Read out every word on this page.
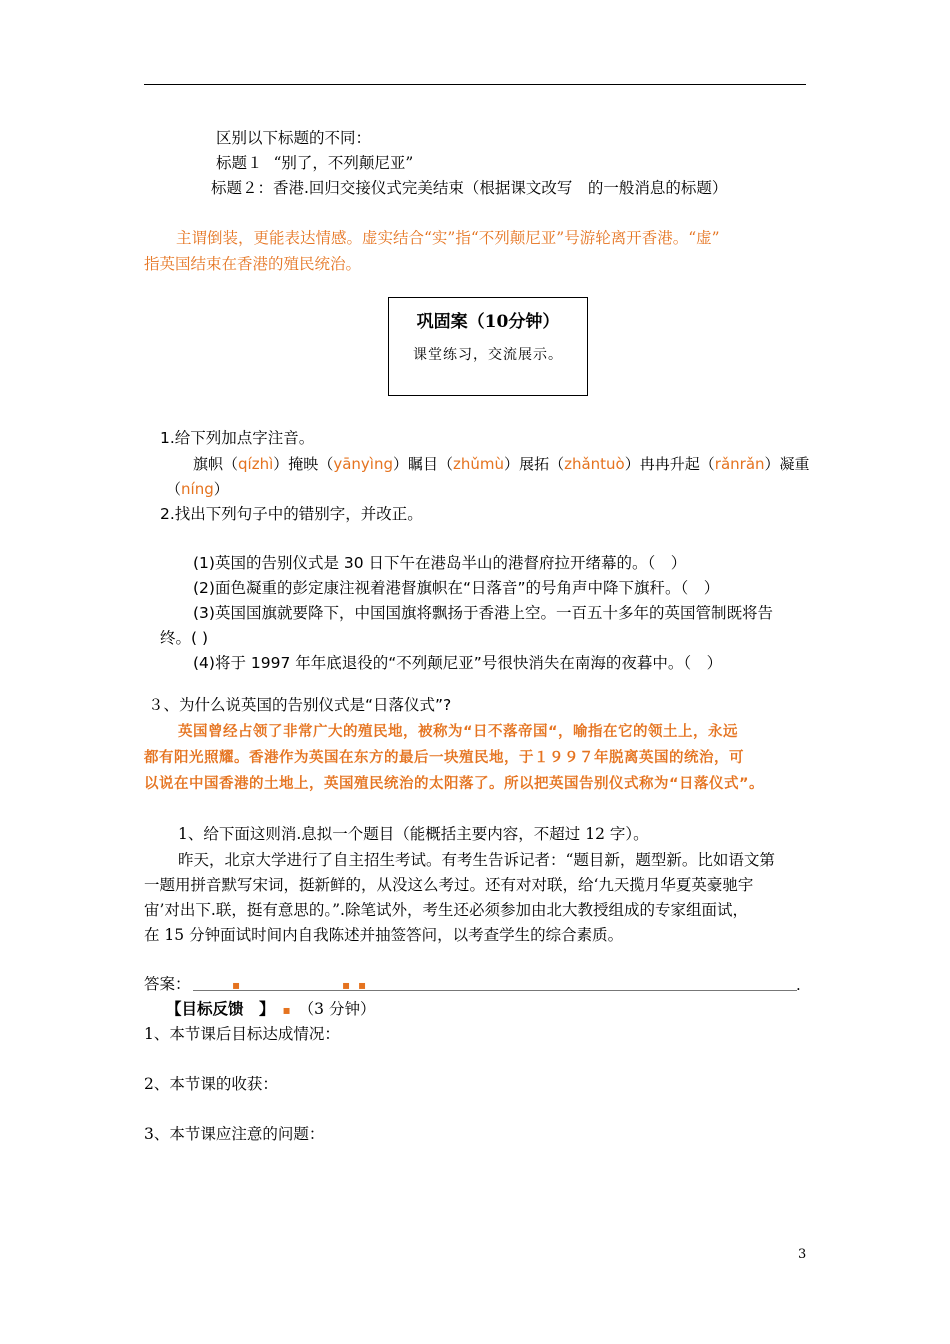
区别以下标题的不同：
标题１ “别了，不列颠尼亚”
标题２：香港.回归交接仪式完美结束（根据课文改写　的一般消息的标题）
主谓倒装，更能表达情感。虚实结合“实”指“不列颠尼亚”号游轮离开香港。“虚”
指英国结束在香港的殖民统治。
巩固案（10分钟）
课堂练习，交流展示。
1.给下列加点字注音。
旗帜（qízhì）掩映（yānyìng）瞩目（zhǔmù）展拓（zhǎntuò）冉冉升起（rǎnrǎn）凝重
（níng）
2.找出下列句子中的错别字，并改正。
(1)英国的告别仪式是 30 日下午在港岛半山的港督府拉开绪幕的。（　）
(2)面色凝重的彭定康注视着港督旗帜在“日落音”的号角声中降下旗秆。（　）
(3)英国国旗就要降下，中国国旗将飘扬于香港上空。一百五十多年的英国管制既将告
终。( )
(4)将于 1997 年年底退役的“不列颠尼亚”号很快消失在南海的夜暮中。（　）
３、为什么说英国的告别仪式是“日落仪式”?
英国曾经占领了非常广大的殖民地，被称为“日不落帝国“，喻指在它的领土上，永远
都有阳光照耀。香港作为英国在东方的最后一块殖民地，于１９９７年脱离英国的统治，可
以说在中国香港的土地上，英国殖民统治的太阳落了。所以把英国告别仪式称为“日落仪式”。
1、给下面这则消.息拟一个题目（能概括主要内容，不超过 12 字）。
昨天，北京大学进行了自主招生考试。有考生告诉记者：“题目新，题型新。比如语文第
一题用拼音默写宋词，挺新鲜的，从没这么考过。还有对对联，给‘九天揽月华夏英豪驰宇
宙’对出下.联，挺有意思的。”.除笔试外，考生还必须参加由北大教授组成的专家组面试，
在 15 分钟面试时间内自我陈述并抽签答问，以考查学生的综合素质。
答案：	▪	▪ ▪	.
【目标反馈　】 ▪ （3 分钟）
1、本节课后目标达成情况：
2、本节课的收获：
3、本节课应注意的问题：
3
